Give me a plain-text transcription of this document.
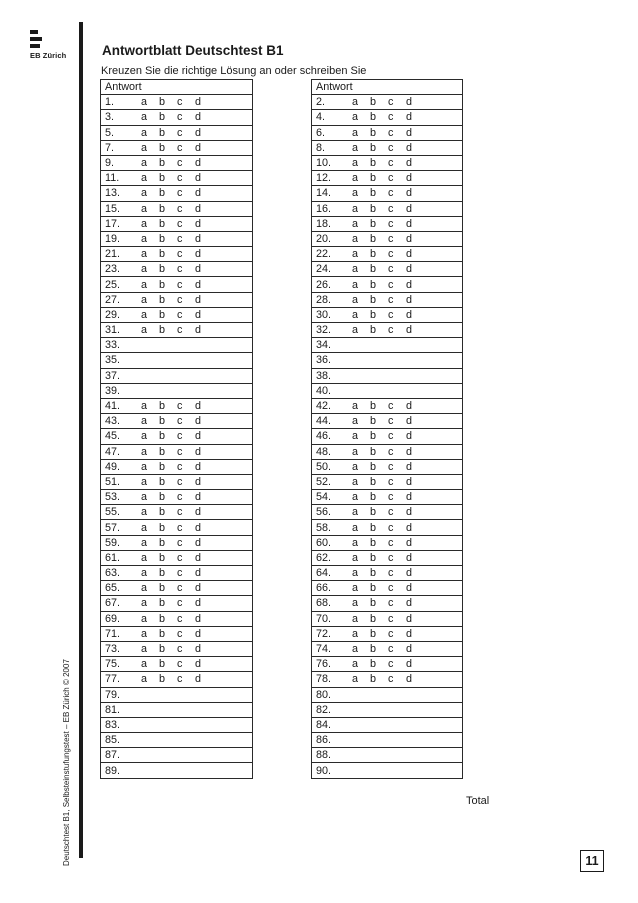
EB Zürich
Deutschtest B1, Selbsteinstufungstest – EB Zürich © 2007
Antwortblatt Deutschtest B1
Kreuzen Sie die richtige Lösung an oder schreiben Sie
Antwort
1. a b c d
3. a b c d
5. a b c d
7. a b c d
9. a b c d
11. a b c d
13. a b c d
15. a b c d
17. a b c d
19. a b c d
21. a b c d
23. a b c d
25. a b c d
27. a b c d
29. a b c d
31. a b c d
33.
35.
37.
39.
41. a b c d
43. a b c d
45. a b c d
47. a b c d
49. a b c d
51. a b c d
53. a b c d
55. a b c d
57. a b c d
59. a b c d
61. a b c d
63. a b c d
65. a b c d
67. a b c d
69. a b c d
71. a b c d
73. a b c d
75. a b c d
77. a b c d
79.
81.
83.
85.
87.
89.
Antwort
2. a b c d
4. a b c d
6. a b c d
8. a b c d
10. a b c d
12. a b c d
14. a b c d
16. a b c d
18. a b c d
20. a b c d
22. a b c d
24. a b c d
26. a b c d
28. a b c d
30. a b c d
32. a b c d
34.
36.
38.
40.
42. a b c d
44. a b c d
46. a b c d
48. a b c d
50. a b c d
52. a b c d
54. a b c d
56. a b c d
58. a b c d
60. a b c d
62. a b c d
64. a b c d
66. a b c d
68. a b c d
70. a b c d
72. a b c d
74. a b c d
76. a b c d
78. a b c d
80.
82.
84.
86.
88.
90.
Total
11
